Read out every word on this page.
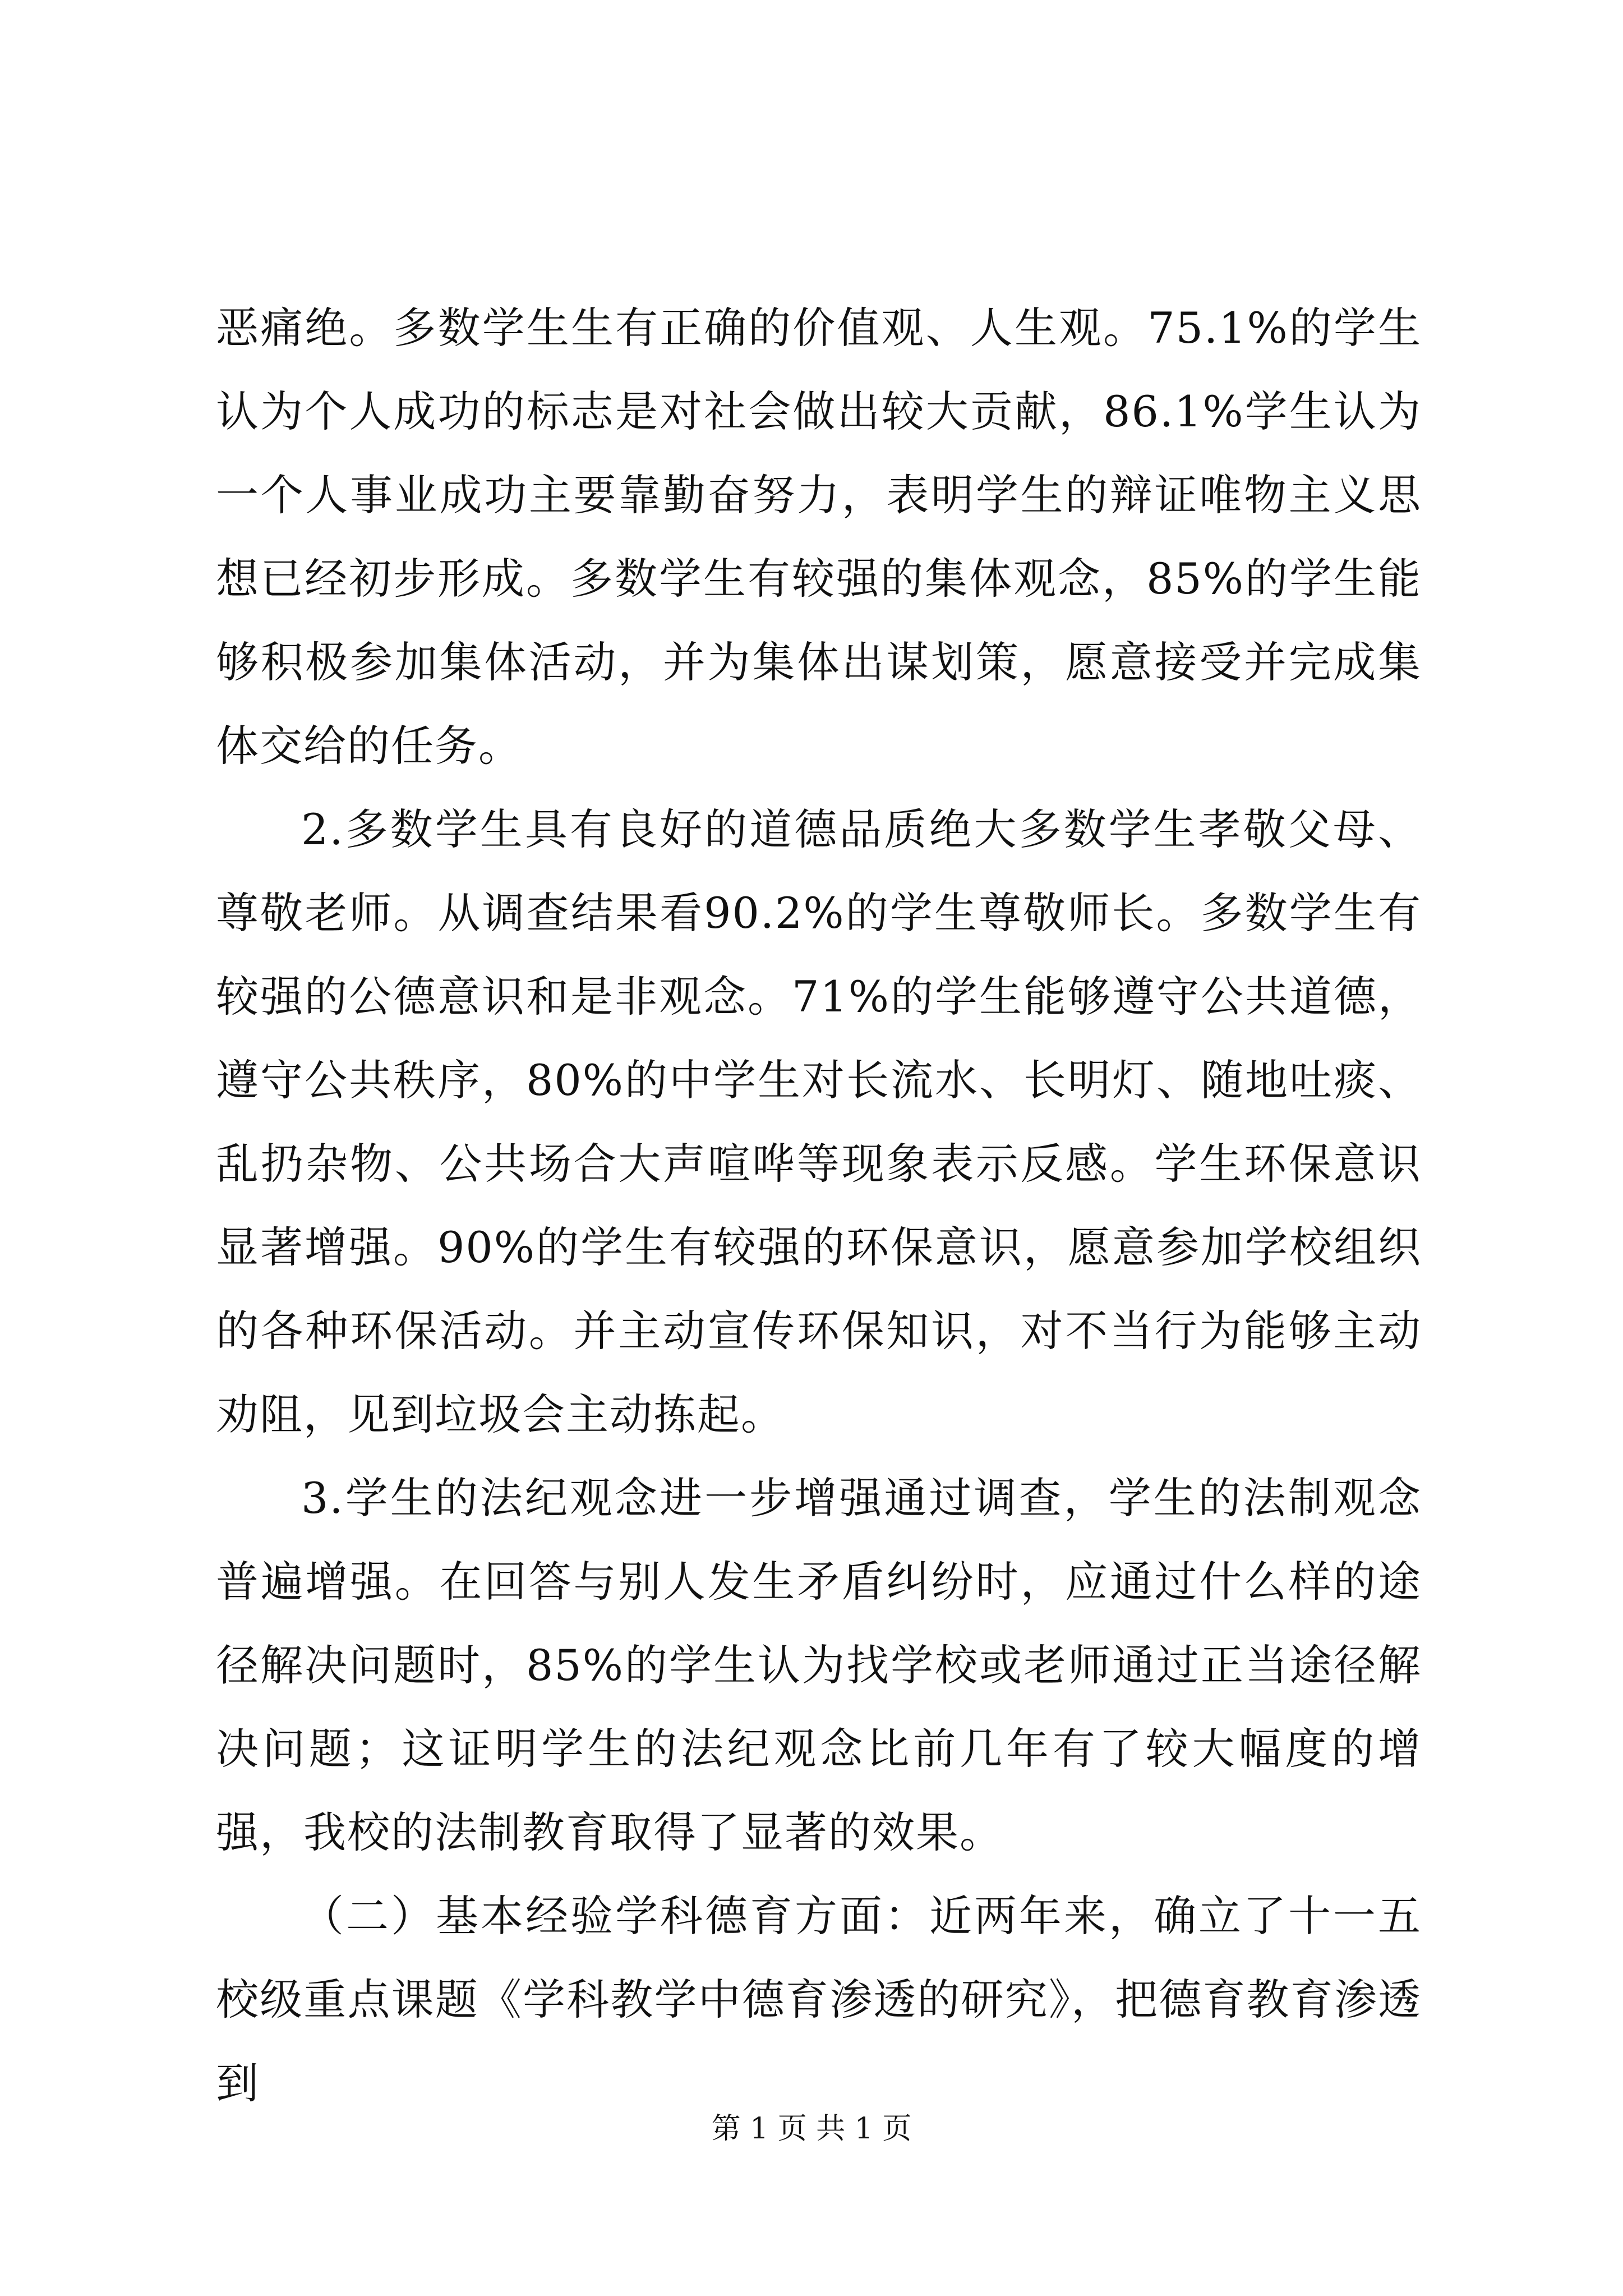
恶痛绝。多数学生生有正确的价值观、人生观。75.1%的学生认为个人成功的标志是对社会做出较大贡献，86.1%学生认为一个人事业成功主要靠勤奋努力，表明学生的辩证唯物主义思想已经初步形成。多数学生有较强的集体观念，85%的学生能够积极参加集体活动，并为集体出谋划策，愿意接受并完成集体交给的任务。

2.多数学生具有良好的道德品质绝大多数学生孝敬父母、尊敬老师。从调查结果看90.2%的学生尊敬师长。多数学生有较强的公德意识和是非观念。71%的学生能够遵守公共道德，遵守公共秩序，80%的中学生对长流水、长明灯、随地吐痰、乱扔杂物、公共场合大声喧哗等现象表示反感。学生环保意识显著增强。90%的学生有较强的环保意识，愿意参加学校组织的各种环保活动。并主动宣传环保知识，对不当行为能够主动劝阻，见到垃圾会主动拣起。

3.学生的法纪观念进一步增强通过调查，学生的法制观念普遍增强。在回答与别人发生矛盾纠纷时，应通过什么样的途径解决问题时，85%的学生认为找学校或老师通过正当途径解决问题；这证明学生的法纪观念比前几年有了较大幅度的增强，我校的法制教育取得了显著的效果。

（二）基本经验学科德育方面：近两年来，确立了十一五校级重点课题《学科教学中德育渗透的研究》，把德育教育渗透到

第 1 页 共 1 页
